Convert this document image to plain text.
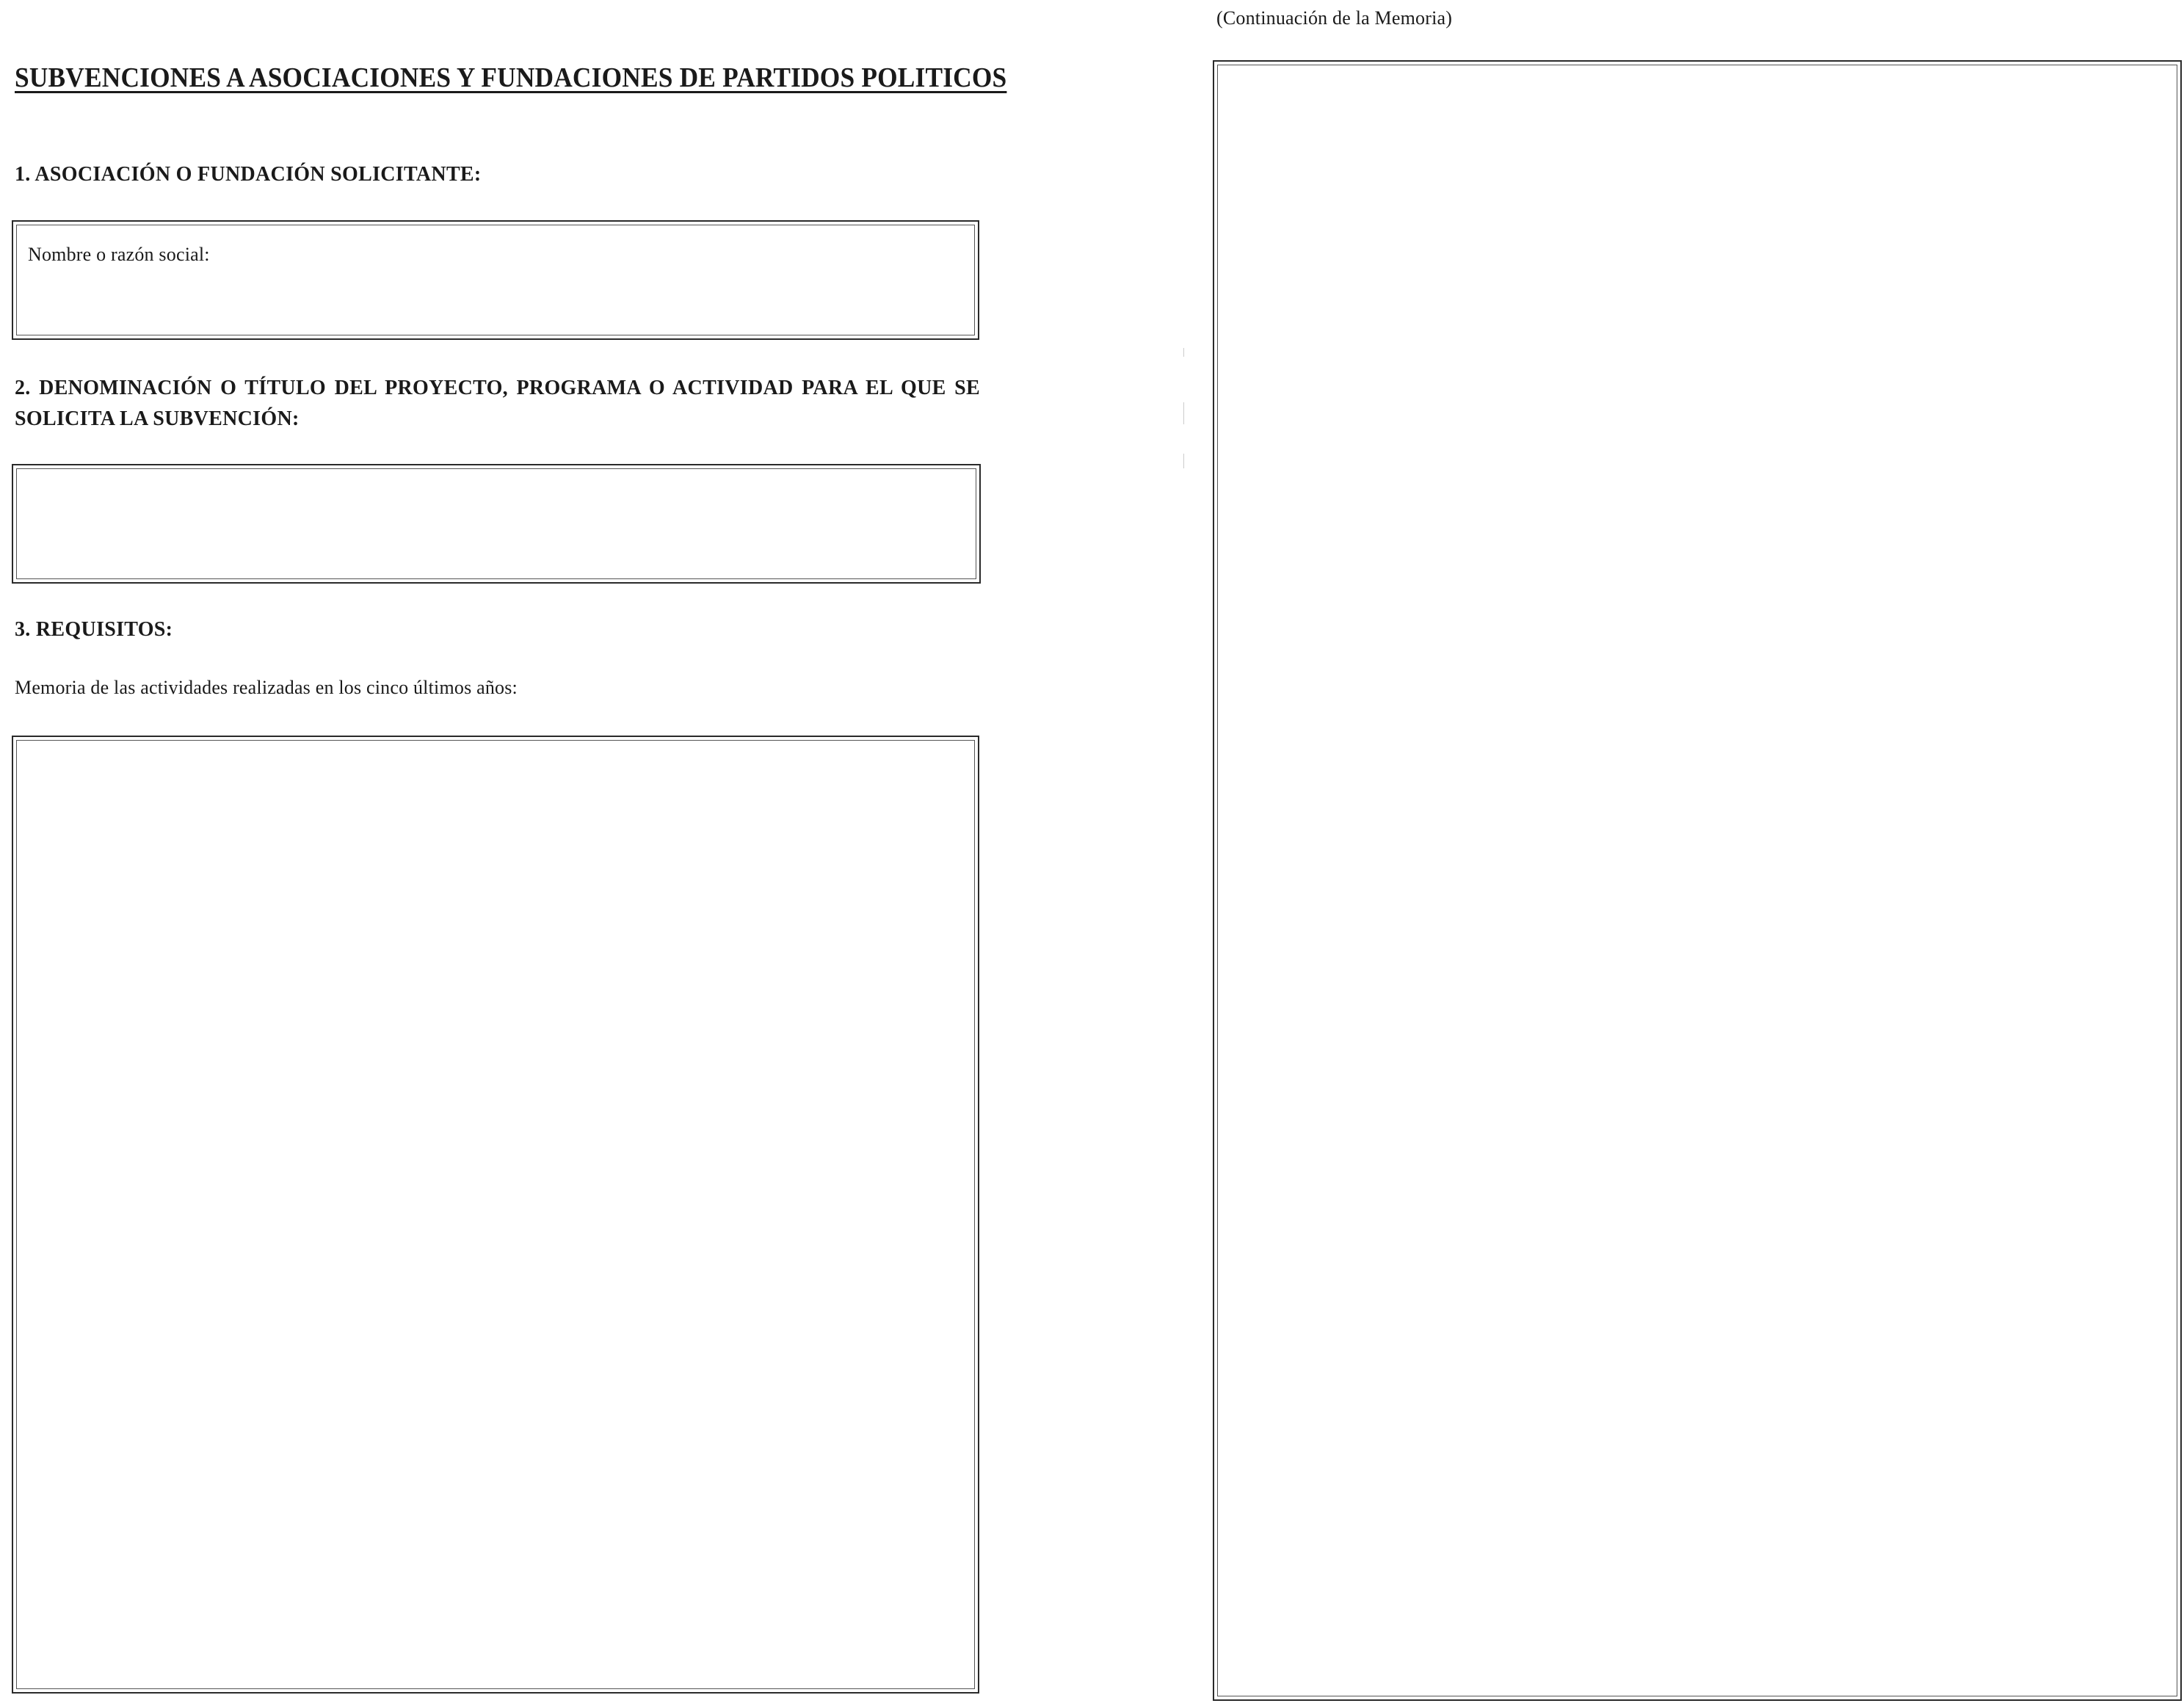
SUBVENCIONES A ASOCIACIONES Y FUNDACIONES DE PARTIDOS POLITICOS
1. ASOCIACIÓN O FUNDACIÓN SOLICITANTE:
Nombre o razón social:
2. DENOMINACIÓN O TÍTULO DEL PROYECTO, PROGRAMA O ACTIVIDAD PARA EL QUE SE SOLICITA LA SUBVENCIÓN:
3. REQUISITOS:
Memoria de las actividades realizadas en los cinco últimos años:
(Continuación de la Memoria)
